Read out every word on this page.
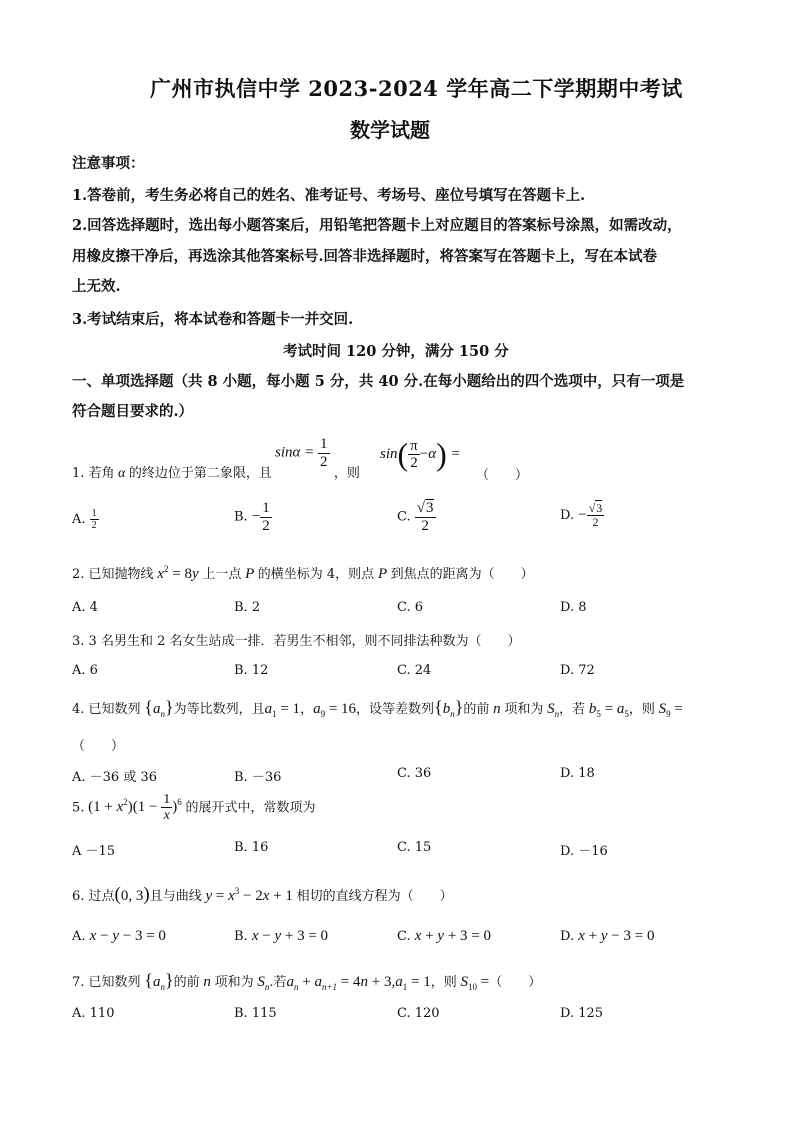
广州市执信中学 2023-2024 学年高二下学期期中考试
数学试题
注意事项：
1.答卷前，考生务必将自己的姓名、准考证号、考场号、座位号填写在答题卡上.
2.回答选择题时，选出每小题答案后，用铅笔把答题卡上对应题目的答案标号涂黑，如需改动，
用橡皮擦干净后，再选涂其他答案标号.回答非选择题时，将答案写在答题卡上，写在本试卷
上无效.
3.考试结束后，将本试卷和答题卡一并交回.
考试时间 120 分钟，满分 150 分
一、单项选择题（共 8 小题，每小题 5 分，共 40 分.在每小题给出的四个选项中，只有一项是
符合题目要求的.）
$\sin\alpha = \frac{1}{2}$	$\sin( \frac{\pi}{2} -\alpha)$ =
1. 若角 α 的终边位于第二象限，且	，则	（　　）
A. $\frac{1}{2}$	B. − $\frac{1}{2}$	C. $\frac{√3}{2}$	D. − $\frac{√3}{2}$
2. 已知抛物线 $x^2 = 8y$ 上一点 P 的横坐标为 4，则点 P 到焦点的距离为（　　）
A. 4	B. 2	C. 6	D. 8
3. 3 名男生和 2 名女生站成一排．若男生不相邻，则不同排法种数为（　　）
A. 6	B. 12	C. 24	D. 72
4. 已知数列 $\{a_n\}$为等比数列，且$a_1 = 1$，$a_9 = 16$，设等差数列$\{b_n\}$的前 n 项和为 $S_n$，若 $b_5 = a_5$，则 $S_9$ =
（　　）
A. －36 或 36	B. －36	C. 36	D. 18
5. $(1 + x^2)(1 - \frac{1}{x} )^6$ 的展开式中，常数项为
A －15	B. 16	C. 15	D. －16
6. 过点(0, 3)且与曲线 $y = x^3 - 2x + 1$ 相切的直线方程为（　　）
A. x − y − 3 = 0	B. x − y + 3 = 0	C. x + y + 3 = 0	D. x + y − 3 = 0
7. 已知数列 $\{a_n\}$的前 n 项和为 $S_n$.若$a_n + a_{n+1} = 4n + 3,a_1 = 1$，则 $S_{10}$ =（　　）
A. 110	B. 115	C. 120	D. 125
